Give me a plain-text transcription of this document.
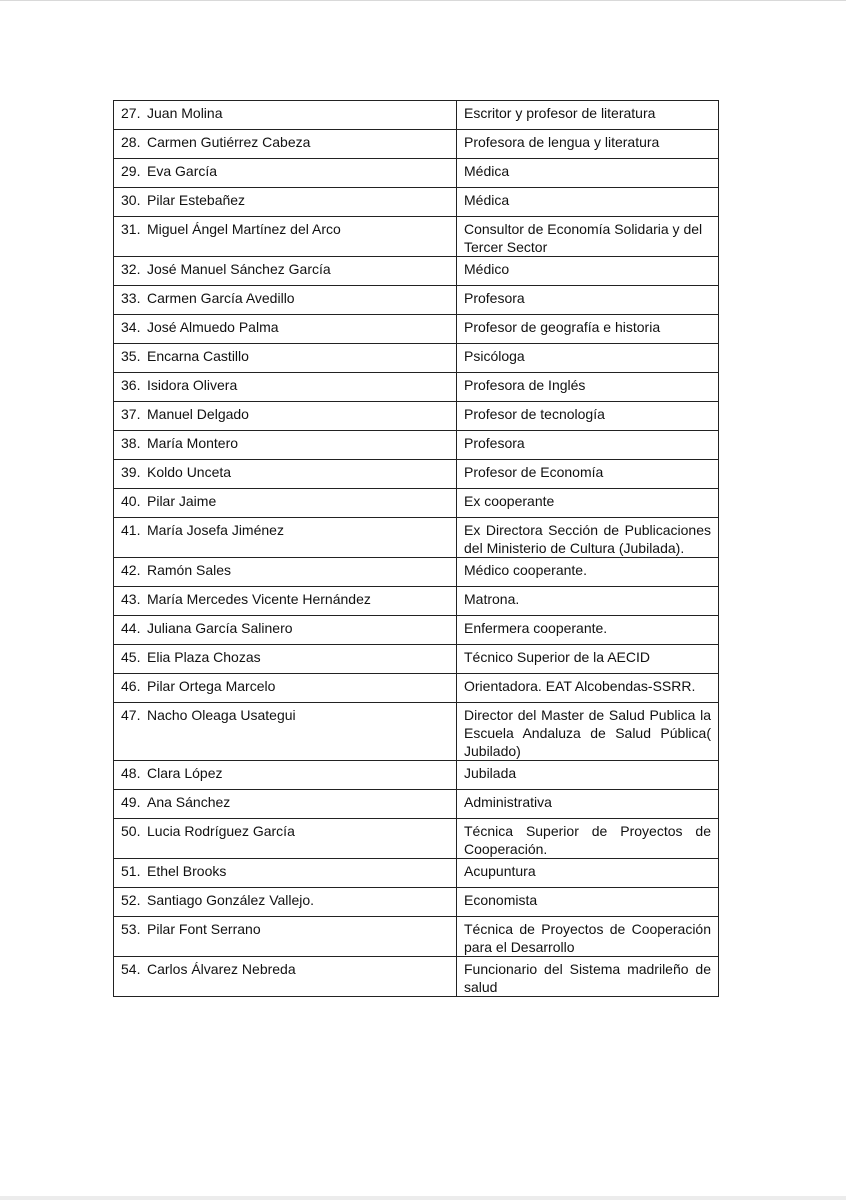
27. Juan Molina	Escritor y profesor de literatura
28. Carmen Gutiérrez Cabeza	Profesora de lengua y literatura
29. Eva García	Médica
30. Pilar Estebañez	Médica
31. Miguel Ángel Martínez del Arco	Consultor de Economía Solidaria y del Tercer Sector
32. José Manuel Sánchez García	Médico
33. Carmen García Avedillo	Profesora
34. José Almuedo Palma	Profesor de geografía e historia
35. Encarna Castillo	Psicóloga
36. Isidora Olivera	Profesora de Inglés
37. Manuel Delgado	Profesor de tecnología
38. María Montero	Profesora
39. Koldo Unceta	Profesor de Economía
40. Pilar Jaime	Ex cooperante
41. María Josefa Jiménez	Ex Directora Sección de Publicaciones del Ministerio de Cultura (Jubilada).
42. Ramón Sales	Médico cooperante.
43. María Mercedes Vicente Hernández	Matrona.
44. Juliana García Salinero	Enfermera cooperante.
45. Elia Plaza Chozas	Técnico Superior de la AECID
46. Pilar Ortega Marcelo	Orientadora. EAT Alcobendas-SSRR.
47. Nacho Oleaga Usategui	Director del Master de Salud Publica la Escuela Andaluza de Salud Pública( Jubilado)
48. Clara López	Jubilada
49. Ana Sánchez	Administrativa
50. Lucia Rodríguez García	Técnica Superior de Proyectos de Cooperación.
51. Ethel Brooks	Acupuntura
52. Santiago González Vallejo.	Economista
53. Pilar Font Serrano	Técnica de Proyectos de Cooperación para el Desarrollo
54. Carlos Álvarez Nebreda	Funcionario del Sistema madrileño de salud
